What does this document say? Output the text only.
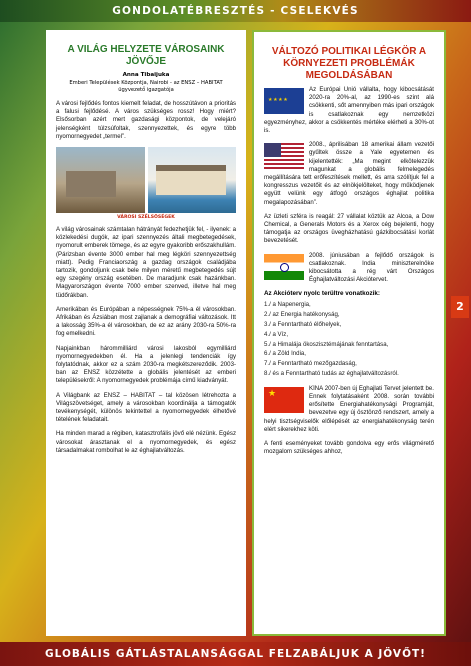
GONDOLATÉBRESZTÉS - CSELEKVÉS
A VILÁG HELYZETE VÁROSAINK JÖVŐJE
Anna Tibaijuka
Emberi Települések Központja, Nairobi - az ENSZ – HABITAT ügyvezető igazgatója

A városi fejlődés fontos kiemelt feladat, de hosszútávon a prioritás a falusi fejlődésé. A város szükséges rossz! Hogy miért? Elsősorban azért mert gazdasági központok, de velejáró jelenségként túlzsúfoltak, szennyezettek, és egyre több nyomornegyedet „termel”.

VÁROSI SZÉLSŐSÉGEK

A világ városainak számtalan hátrányát fedezhetjük fel, - ilyenek: a közlekedési dugók, az ipari szennyezés általi megbetegedések, nyomorult emberek tömege, és az egyre gyakoribb erőszakhullám. (Párizsban évente 3000 ember hal meg légköri szennyezettség miatt). Pedig Franciaország a gazdag országok családjába tartozik, gondoljunk csak bele milyen méretű megbetegedés sújt egy szegény ország esetében. De maradjunk csak hazánkban. Magyarországon évente 7000 ember szenved, illetve hal meg tüdőrákban.

Amerikában és Európában a népességnek 75%-a él városokban. Afrikában és Ázsiában most zajlanak a demográfiai változások. Itt a lakosság 35%-a él városokban, de ez az arány 2030-ra 50%-ra fog emelkedni.

Napjainkban hárommilliárd városi lakosból egymilliárd nyomornegyedekben él. Ha a jelenlegi tendenciák így folytatódnak, akkor ez a szám 2030-ra megkétszereződik. 2003-ban az ENSZ közzétette a globális jelentését az emberi településekről: A nyomornegyedek problémája című kiadványát.

A Világbank az ENSZ – HABITAT – tal közösen létrehozta a Világszövetséget, amely a városokban koordinálja a támogatók tevékenységét, különös tekintettel a nyomornegyedek élhetővé tételének feladatait.

Ha minden marad a régiben, katasztrofális jövő elé nézünk. Egész városokat árasztanak el a nyomornegyedek, és egész társadalmakat rombolhat le az éghajlatváltozás.

VÁLTOZÓ POLITIKAI LÉGKÖR A KÖRNYEZETI PROBLÉMÁK MEGOLDÁSÁBAN
★ ★ ★ ★

Az Európai Unió vállalta, hogy kibocsátását 2020-ra 20%-al, az 1990-es szint alá csökkenti, sőt amennyiben más ipari országok is csatlakoznak egy nemzetközi egyezményhez, akkor a csökkentés mértéke elérheti a 30%-ot is.

2008., áprilisában 18 amerikai állam vezetői gyűltek össze a Yale egyetemen és kijelentették: „Ma megint elkötelezzük magunkat a globális felmelegedés megállítására tett erőfeszítések mellett, és arra szólítjuk fel a kongresszus vezetőit és az elnökjelölteket, hogy működjenek együtt velünk egy átfogó országos éghajlat politika megalapozásában”.

Az üzleti szféra is reagál: 27 vállalat köztük az Alcoa, a Dow Chemical, a Generals Motors és a Xerox cég bejelenti, hogy támogatja az országos üvegházhatású gázkibocsátási korlát bevezetését.

2008. júniusában a fejlődő országok is csatlakoznak. India miniszterelnöke kibocsátotta a rég várt Országos Éghajlatváltozási Akciótervet.

Az Akcióterv nyolc terültre vonatkozik:
1./ a Napenergia,
2./ az Energia hatékonyság,
3./ a Fenntartható élőhelyek,
4./ a Víz,
5./ a Himalája ökoszisztémájának fenntartása,
6./ a Zöld India,
7./ a Fenntartható mezőgazdaság,
8./ és a Fenntartható tudás az éghajlatváltozásról.
★

KÍNA 2007-ben új Éghajlati Tervet jelentett be. Ennek folytatásaként 2008. során további erősítette Energiahatékonysági Programját, bevezetve egy új ösztönző rendszert, amely a helyi tisztségviselők előlépését az energiahatékonyság terén elért sikerekhez köti.

A fenti eseményeket tovább gondolva egy erős világmérető mozgalom szükséges ahhoz,

2
GLOBÁLIS GÁTLÁSTALANSÁGGAL FELZABÁLJUK A JÖVŐT!
